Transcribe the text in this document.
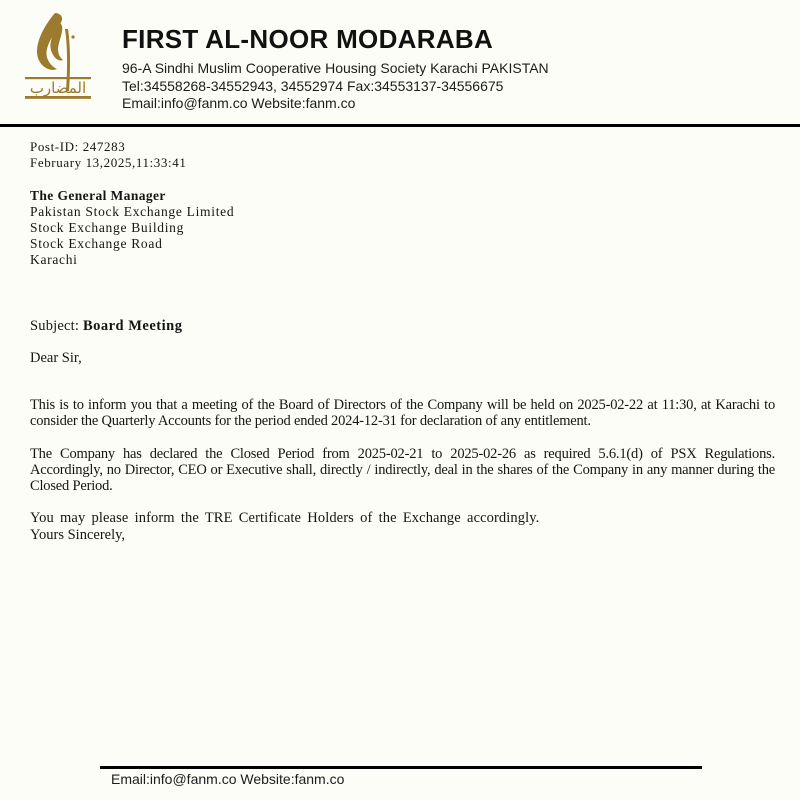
المضارب
FIRST AL-NOOR MODARABA
96-A Sindhi Muslim Cooperative Housing Society Karachi PAKISTAN
Tel:34558268-34552943, 34552974 Fax:34553137-34556675
Email:info@fanm.co Website:fanm.co
Post-ID: 247283
February 13,2025,11:33:41
The General Manager
Pakistan Stock Exchange Limited
Stock Exchange Building
Stock Exchange Road
Karachi
Subject: Board Meeting
Dear Sir,

This is to inform you that a meeting of the Board of Directors of the Company will be held on 2025-02-22 at 11:30, at Karachi to consider the Quarterly Accounts for the period ended 2024-12-31 for declaration of any entitlement.

The Company has declared the Closed Period from 2025-02-21 to 2025-02-26 as required 5.6.1(d) of PSX Regulations. Accordingly, no Director, CEO or Executive shall, directly / indirectly, deal in the shares of the Company in any manner during the Closed Period.

You may please inform the TRE Certificate Holders of the Exchange accordingly.

Yours Sincerely,
Email:info@fanm.co Website:fanm.co
